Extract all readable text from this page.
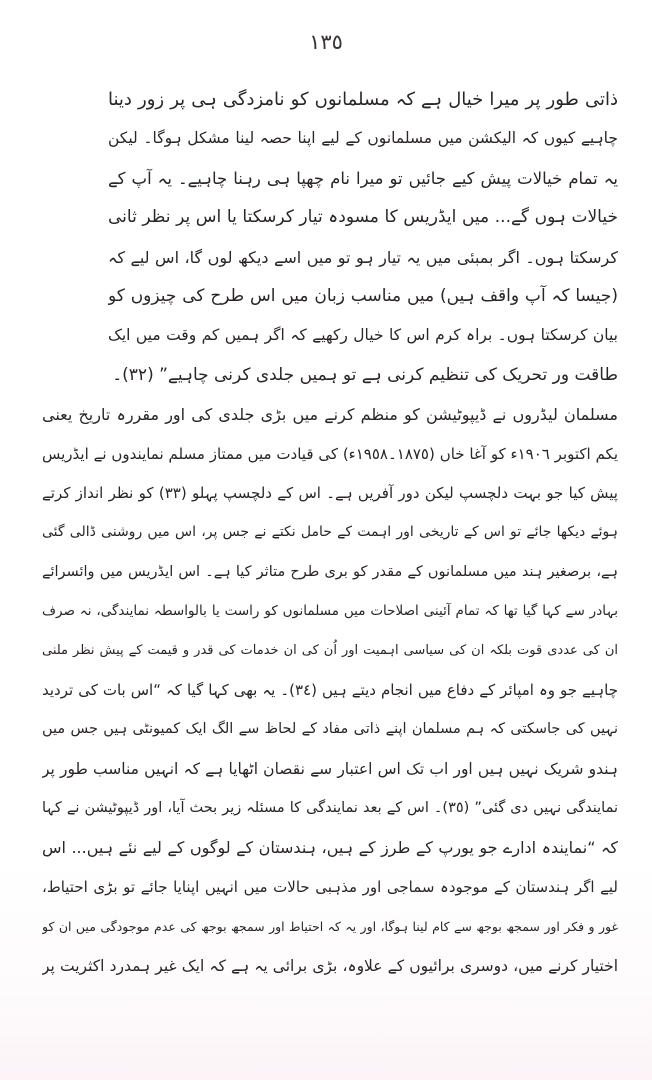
١٣٥
ذاتی طور پر میرا خیال ہے کہ مسلمانوں کو نامزدگی ہی پر زور دینا
چاہیے کیوں کہ الیکشن میں مسلمانوں کے لیے اپنا حصہ لینا مشکل ہوگا۔ لیکن
یہ تمام خیالات پیش کیے جائیں تو میرا نام چھپا ہی رہنا چاہیے۔ یہ آپ کے
خیالات ہوں گے... میں ایڈریس کا مسودہ تیار کرسکتا یا اس پر نظر ثانی
کرسکتا ہوں۔ اگر بمبئی میں یہ تیار ہو تو میں اسے دیکھ لوں گا، اس لیے کہ
(جیسا کہ آپ واقف ہیں) میں مناسب زبان میں اس طرح کی چیزوں کو
بیان کرسکتا ہوں۔ براہ کرم اس کا خیال رکھیے کہ اگر ہمیں کم وقت میں ایک
طاقت ور تحریک کی تنظیم کرنی ہے تو ہمیں جلدی کرنی چاہیے” (٣٢)۔
مسلمان لیڈروں نے ڈیپوٹیشن کو منظم کرنے میں بڑی جلدی کی اور مقررہ تاریخ یعنی
یکم اکتوبر ١٩٠٦ء کو آغا خاں (١٨٧٥۔١٩٥٨ء) کی قیادت میں ممتاز مسلم نمایندوں نے ایڈریس
پیش کیا جو بہت دلچسپ لیکن دور آفریں ہے۔ اس کے دلچسپ پہلو (٣٣) کو نظر انداز کرتے
ہوئے دیکھا جائے تو اس کے تاریخی اور اہمت کے حامل نکتے نے جس پر، اس میں روشنی ڈالی گئی
ہے، برصغیر ہند میں مسلمانوں کے مقدر کو بری طرح متاثر کیا ہے۔ اس ایڈریس میں وائسرائے
بہادر سے کہا گیا تھا کہ تمام آئینی اصلاحات میں مسلمانوں کو راست یا بالواسطہ نمایندگی، نہ صرف
ان کی عددی قوت بلکہ ان کی سیاسی اہمیت اور اُن کی ان خدمات کی قدر و قیمت کے پیش نظر ملنی
چاہیے جو وہ امپائر کے دفاع میں انجام دیتے ہیں (٣٤)۔ یہ بھی کہا گیا کہ “اس بات کی تردید
نہیں کی جاسکتی کہ ہم مسلمان اپنے ذاتی مفاد کے لحاظ سے الگ ایک کمیونٹی ہیں جس میں
ہندو شریک نہیں ہیں اور اب تک اس اعتبار سے نقصان اٹھایا ہے کہ انہیں مناسب طور پر
نمایندگی نہیں دی گئی” (٣٥)۔ اس کے بعد نمایندگی کا مسئلہ زیر بحث آیا، اور ڈیپوٹیشن نے کہا
کہ “نمایندہ ادارے جو یورپ کے طرز کے ہیں، ہندستان کے لوگوں کے لیے نئے ہیں... اس
لیے اگر ہندستان کے موجودہ سماجی اور مذہبی حالات میں انہیں اپنایا جائے تو بڑی احتیاط،
غور و فکر اور سمجھ بوجھ سے کام لینا ہوگا، اور یہ کہ احتیاط اور سمجھ بوجھ کی عدم موجودگی میں ان کو
اختیار کرنے میں، دوسری برائیوں کے علاوہ، بڑی برائی یہ ہے کہ ایک غیر ہمدرد اکثریت پر
